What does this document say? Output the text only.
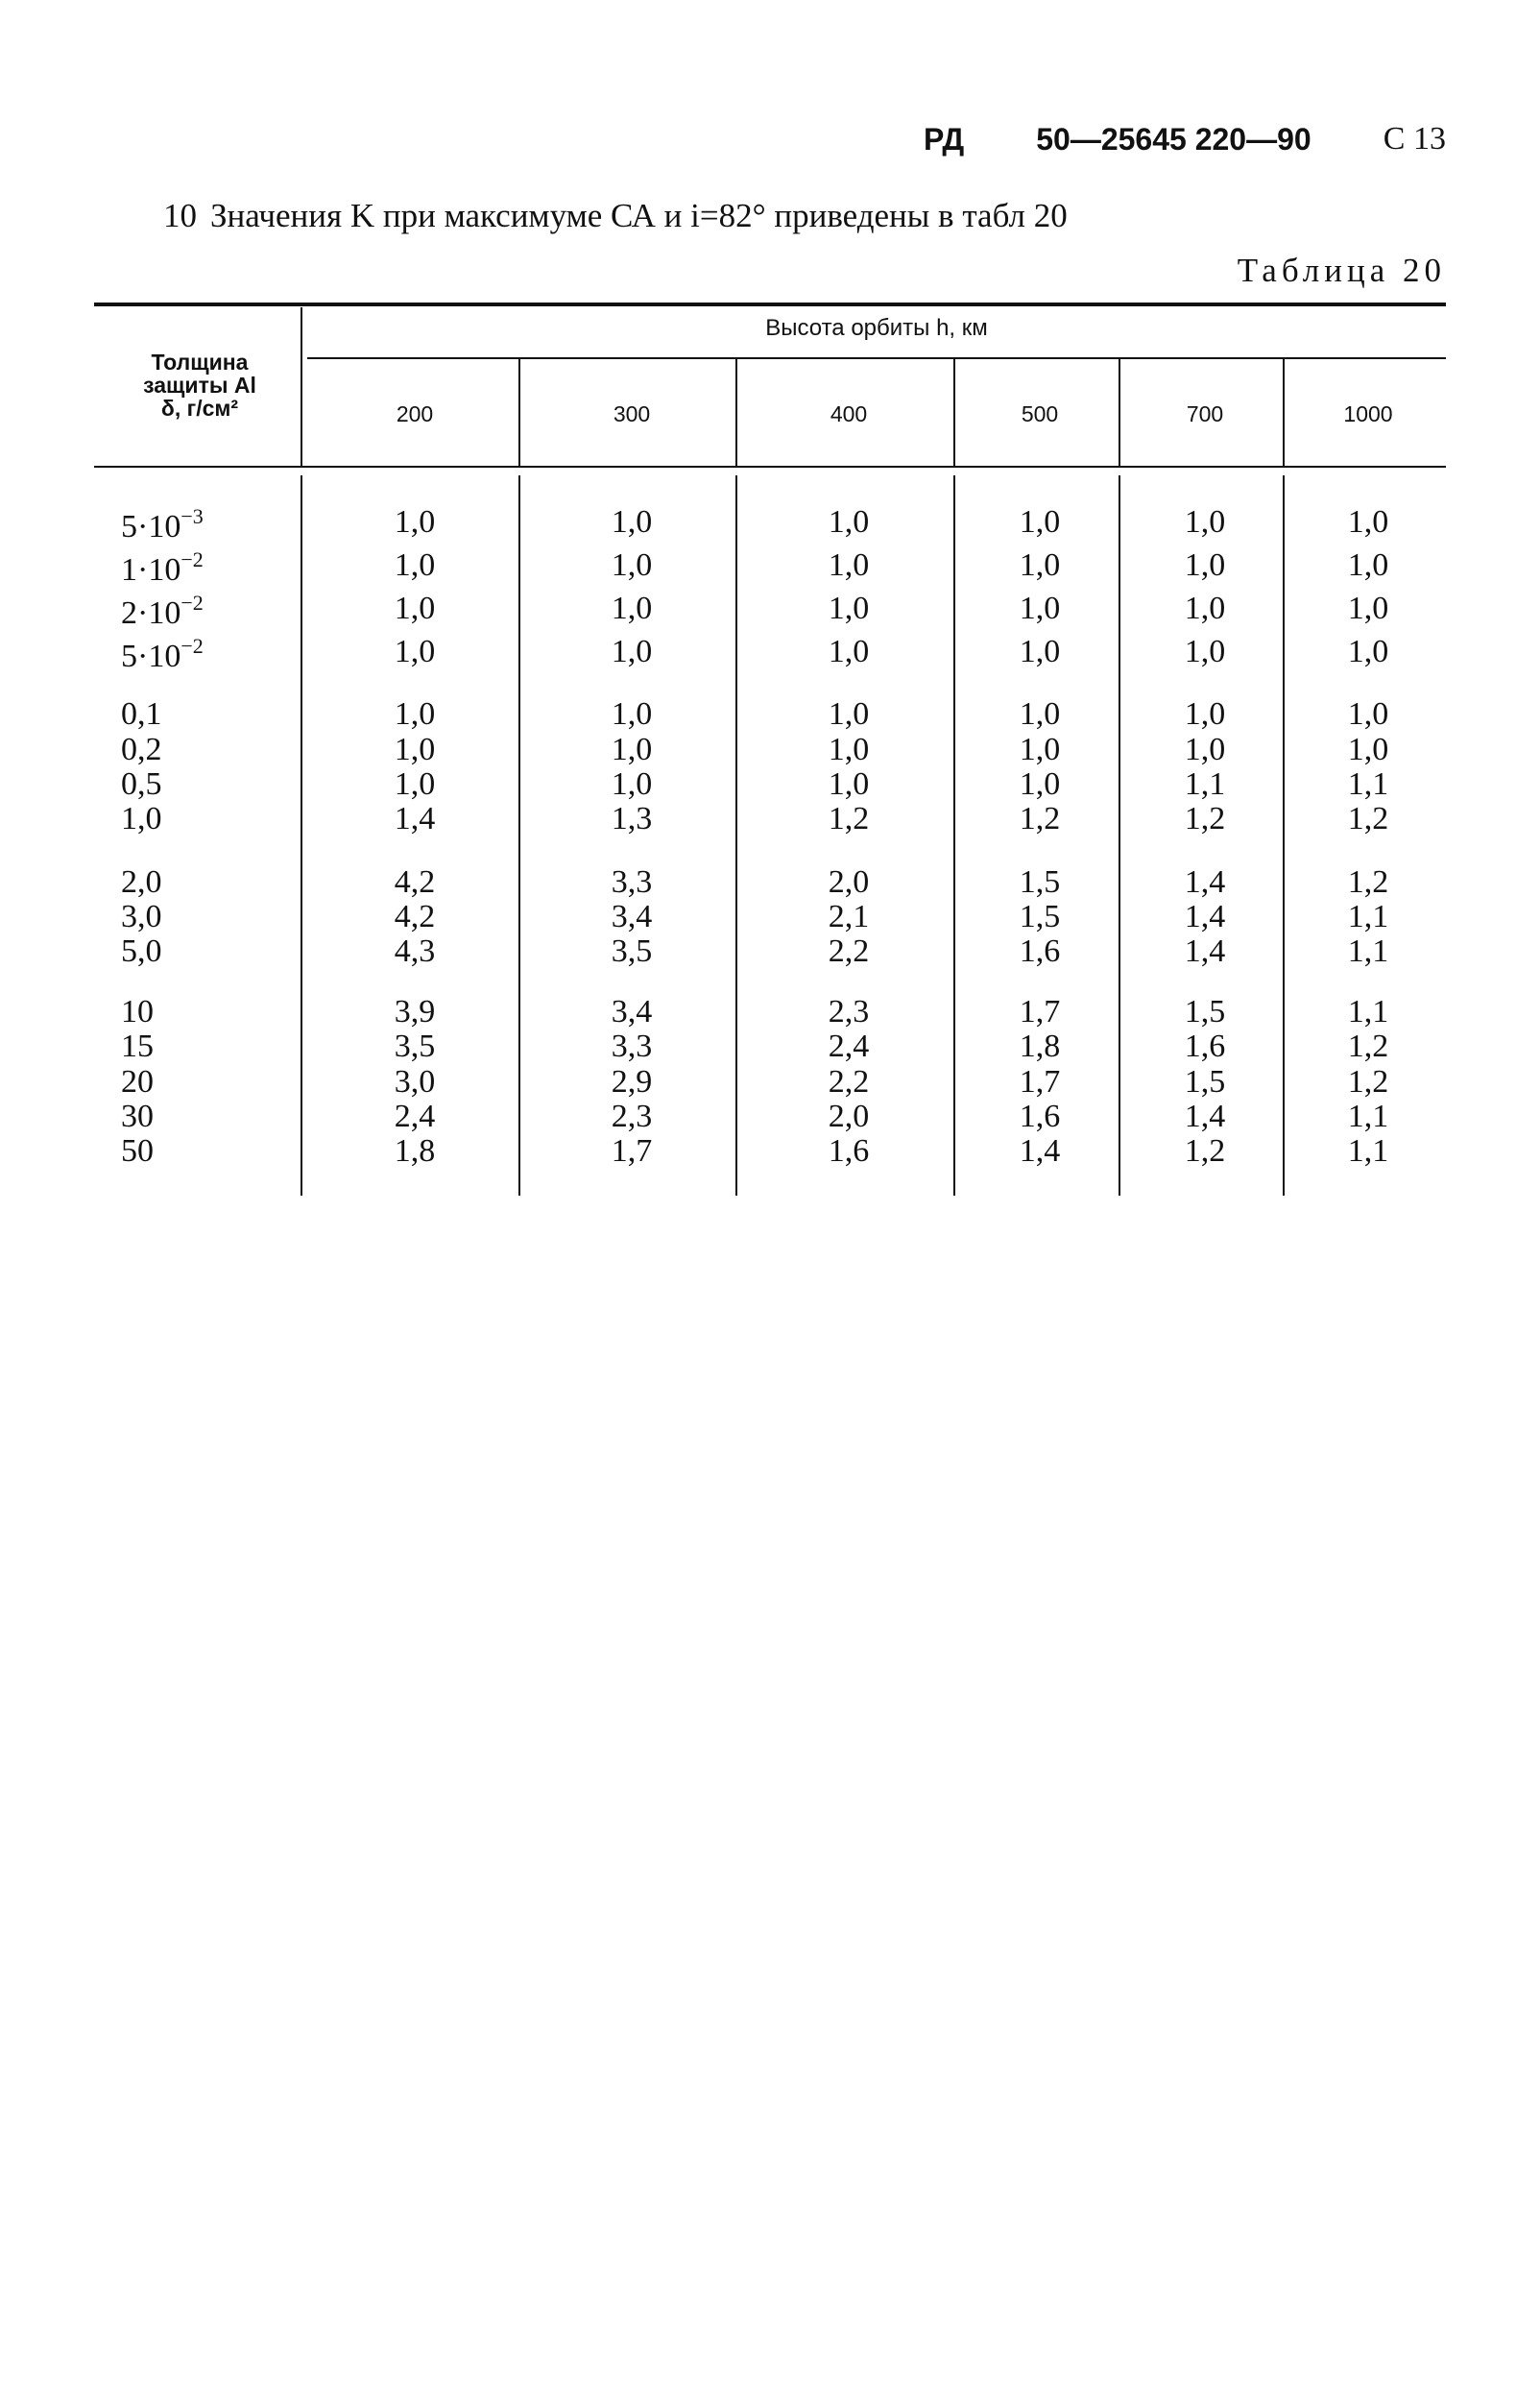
РД 50—25645 220—90 С 13
10 Значения K при максимуме СА и i=82° приведены в табл 20
Таблица 20
Высота орбиты h, км
Толщина
защиты Al
δ, г/см²	200	300	400	500	700	1000
$5\cdot 10^{-3}$	1,0	1,0	1,0	1,0	1,0	1,0
$1\cdot 10^{-2}$	1,0	1,0	1,0	1,0	1,0	1,0
$2\cdot 10^{-2}$	1,0	1,0	1,0	1,0	1,0	1,0
$5\cdot 10^{-2}$	1,0	1,0	1,0	1,0	1,0	1,0
0,1	1,0	1,0	1,0	1,0	1,0	1,0
0,2	1,0	1,0	1,0	1,0	1,0	1,0
0,5	1,0	1,0	1,0	1,0	1,1	1,1
1,0	1,4	1,3	1,2	1,2	1,2	1,2
2,0	4,2	3,3	2,0	1,5	1,4	1,2
3,0	4,2	3,4	2,1	1,5	1,4	1,1
5,0	4,3	3,5	2,2	1,6	1,4	1,1
10	3,9	3,4	2,3	1,7	1,5	1,1
15	3,5	3,3	2,4	1,8	1,6	1,2
20	3,0	2,9	2,2	1,7	1,5	1,2
30	2,4	2,3	2,0	1,6	1,4	1,1
50	1,8	1,7	1,6	1,4	1,2	1,1
